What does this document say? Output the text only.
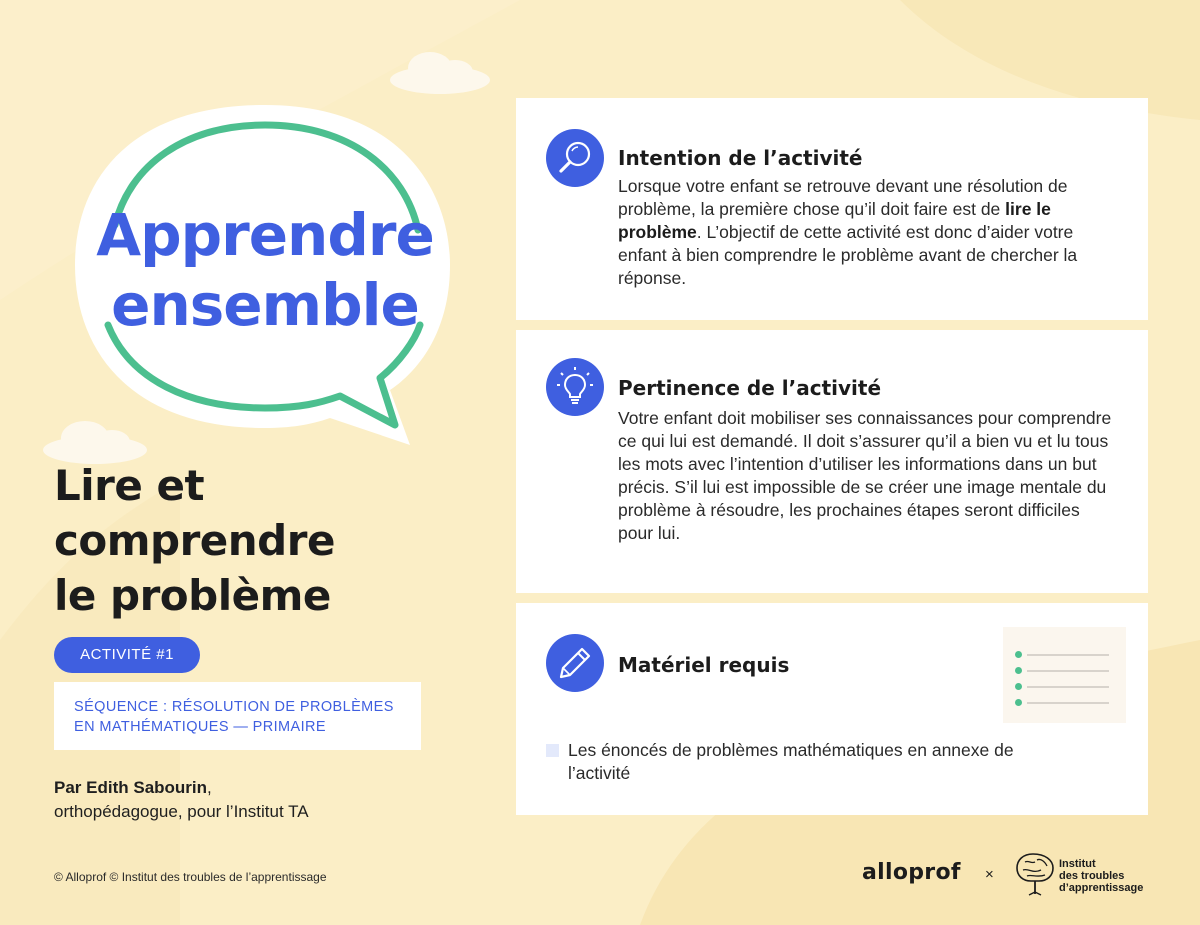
Apprendre
ensemble
Lire et
comprendre
le problème
ACTIVITÉ #1
SÉQUENCE : RÉSOLUTION DE PROBLÈMES
EN MATHÉMATIQUES — PRIMAIRE
Par Edith Sabourin,
orthopédagogue, pour l’Institut TA
© Alloprof © Institut des troubles de l’apprentissage
Intention de l’activité
Lorsque votre enfant se retrouve devant une résolution de problème, la première chose qu’il doit faire est de lire le problème. L’objectif de cette activité est donc d’aider votre enfant à bien comprendre le problème avant de chercher la réponse.
Pertinence de l’activité
Votre enfant doit mobiliser ses connaissances pour comprendre ce qui lui est demandé. Il doit s’assurer qu’il a bien vu et lu tous les mots avec l’intention d’utiliser les informations dans un but précis. S’il lui est impossible de se créer une image mentale du problème à résoudre, les prochaines étapes seront difficiles pour lui.
Matériel requis
Les énoncés de problèmes mathématiques en annexe de l’activité
alloprof ×
Institut
des troubles
d’apprentissage
